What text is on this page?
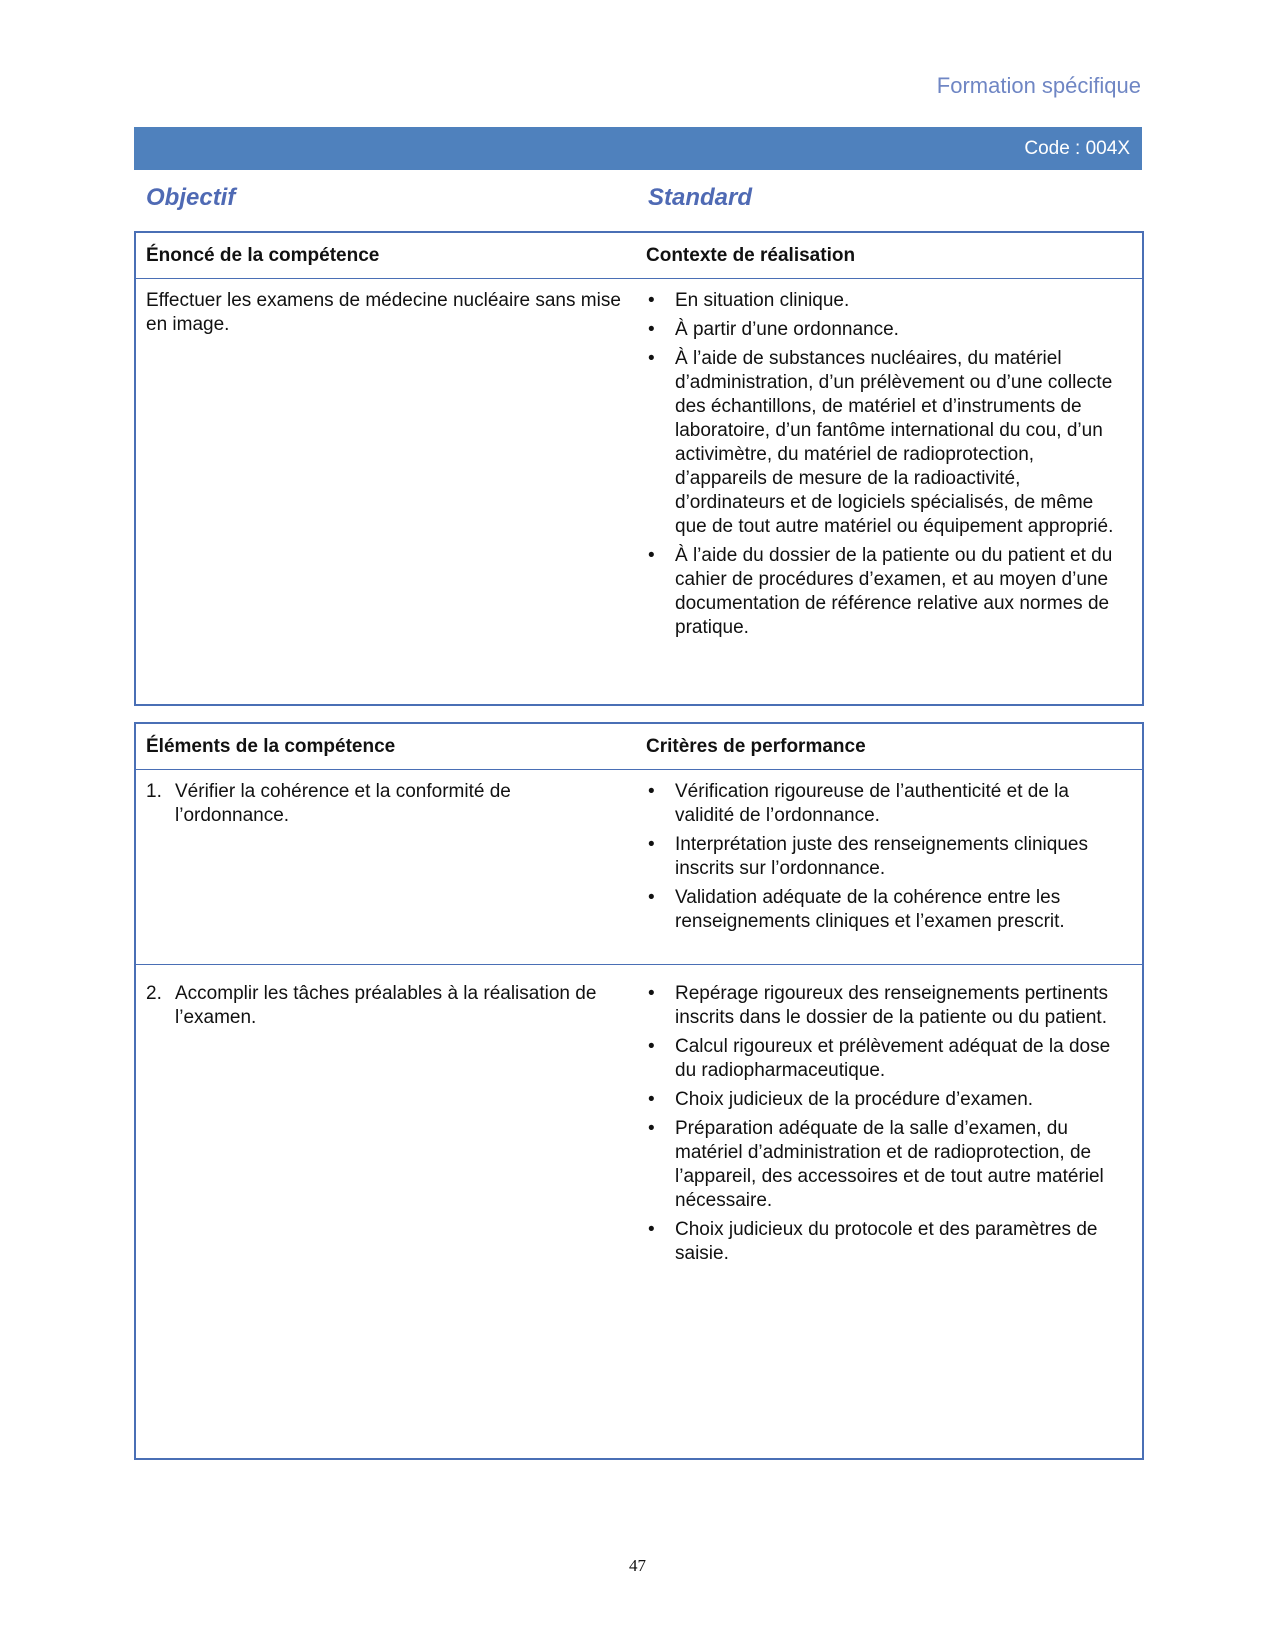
Formation spécifique
Code : 004X
Objectif	Standard
Énoncé de la compétence	Contexte de réalisation
Effectuer les examens de médecine nucléaire sans mise en image.
• En situation clinique.
• À partir d’une ordonnance.
• À l’aide de substances nucléaires, du matériel d’administration, d’un prélèvement ou d’une collecte des échantillons, de matériel et d’instruments de laboratoire, d’un fantôme international du cou, d’un activimètre, du matériel de radioprotection, d’appareils de mesure de la radioactivité, d’ordinateurs et de logiciels spécialisés, de même que de tout autre matériel ou équipement approprié.
• À l’aide du dossier de la patiente ou du patient et du cahier de procédures d’examen, et au moyen d’une documentation de référence relative aux normes de pratique.
Éléments de la compétence	Critères de performance
1. Vérifier la cohérence et la conformité de l’ordonnance.
• Vérification rigoureuse de l’authenticité et de la validité de l’ordonnance.
• Interprétation juste des renseignements cliniques inscrits sur l’ordonnance.
• Validation adéquate de la cohérence entre les renseignements cliniques et l’examen prescrit.
2. Accomplir les tâches préalables à la réalisation de l’examen.
• Repérage rigoureux des renseignements pertinents inscrits dans le dossier de la patiente ou du patient.
• Calcul rigoureux et prélèvement adéquat de la dose du radiopharmaceutique.
• Choix judicieux de la procédure d’examen.
• Préparation adéquate de la salle d’examen, du matériel d’administration et de radioprotection, de l’appareil, des accessoires et de tout autre matériel nécessaire.
• Choix judicieux du protocole et des paramètres de saisie.
47
